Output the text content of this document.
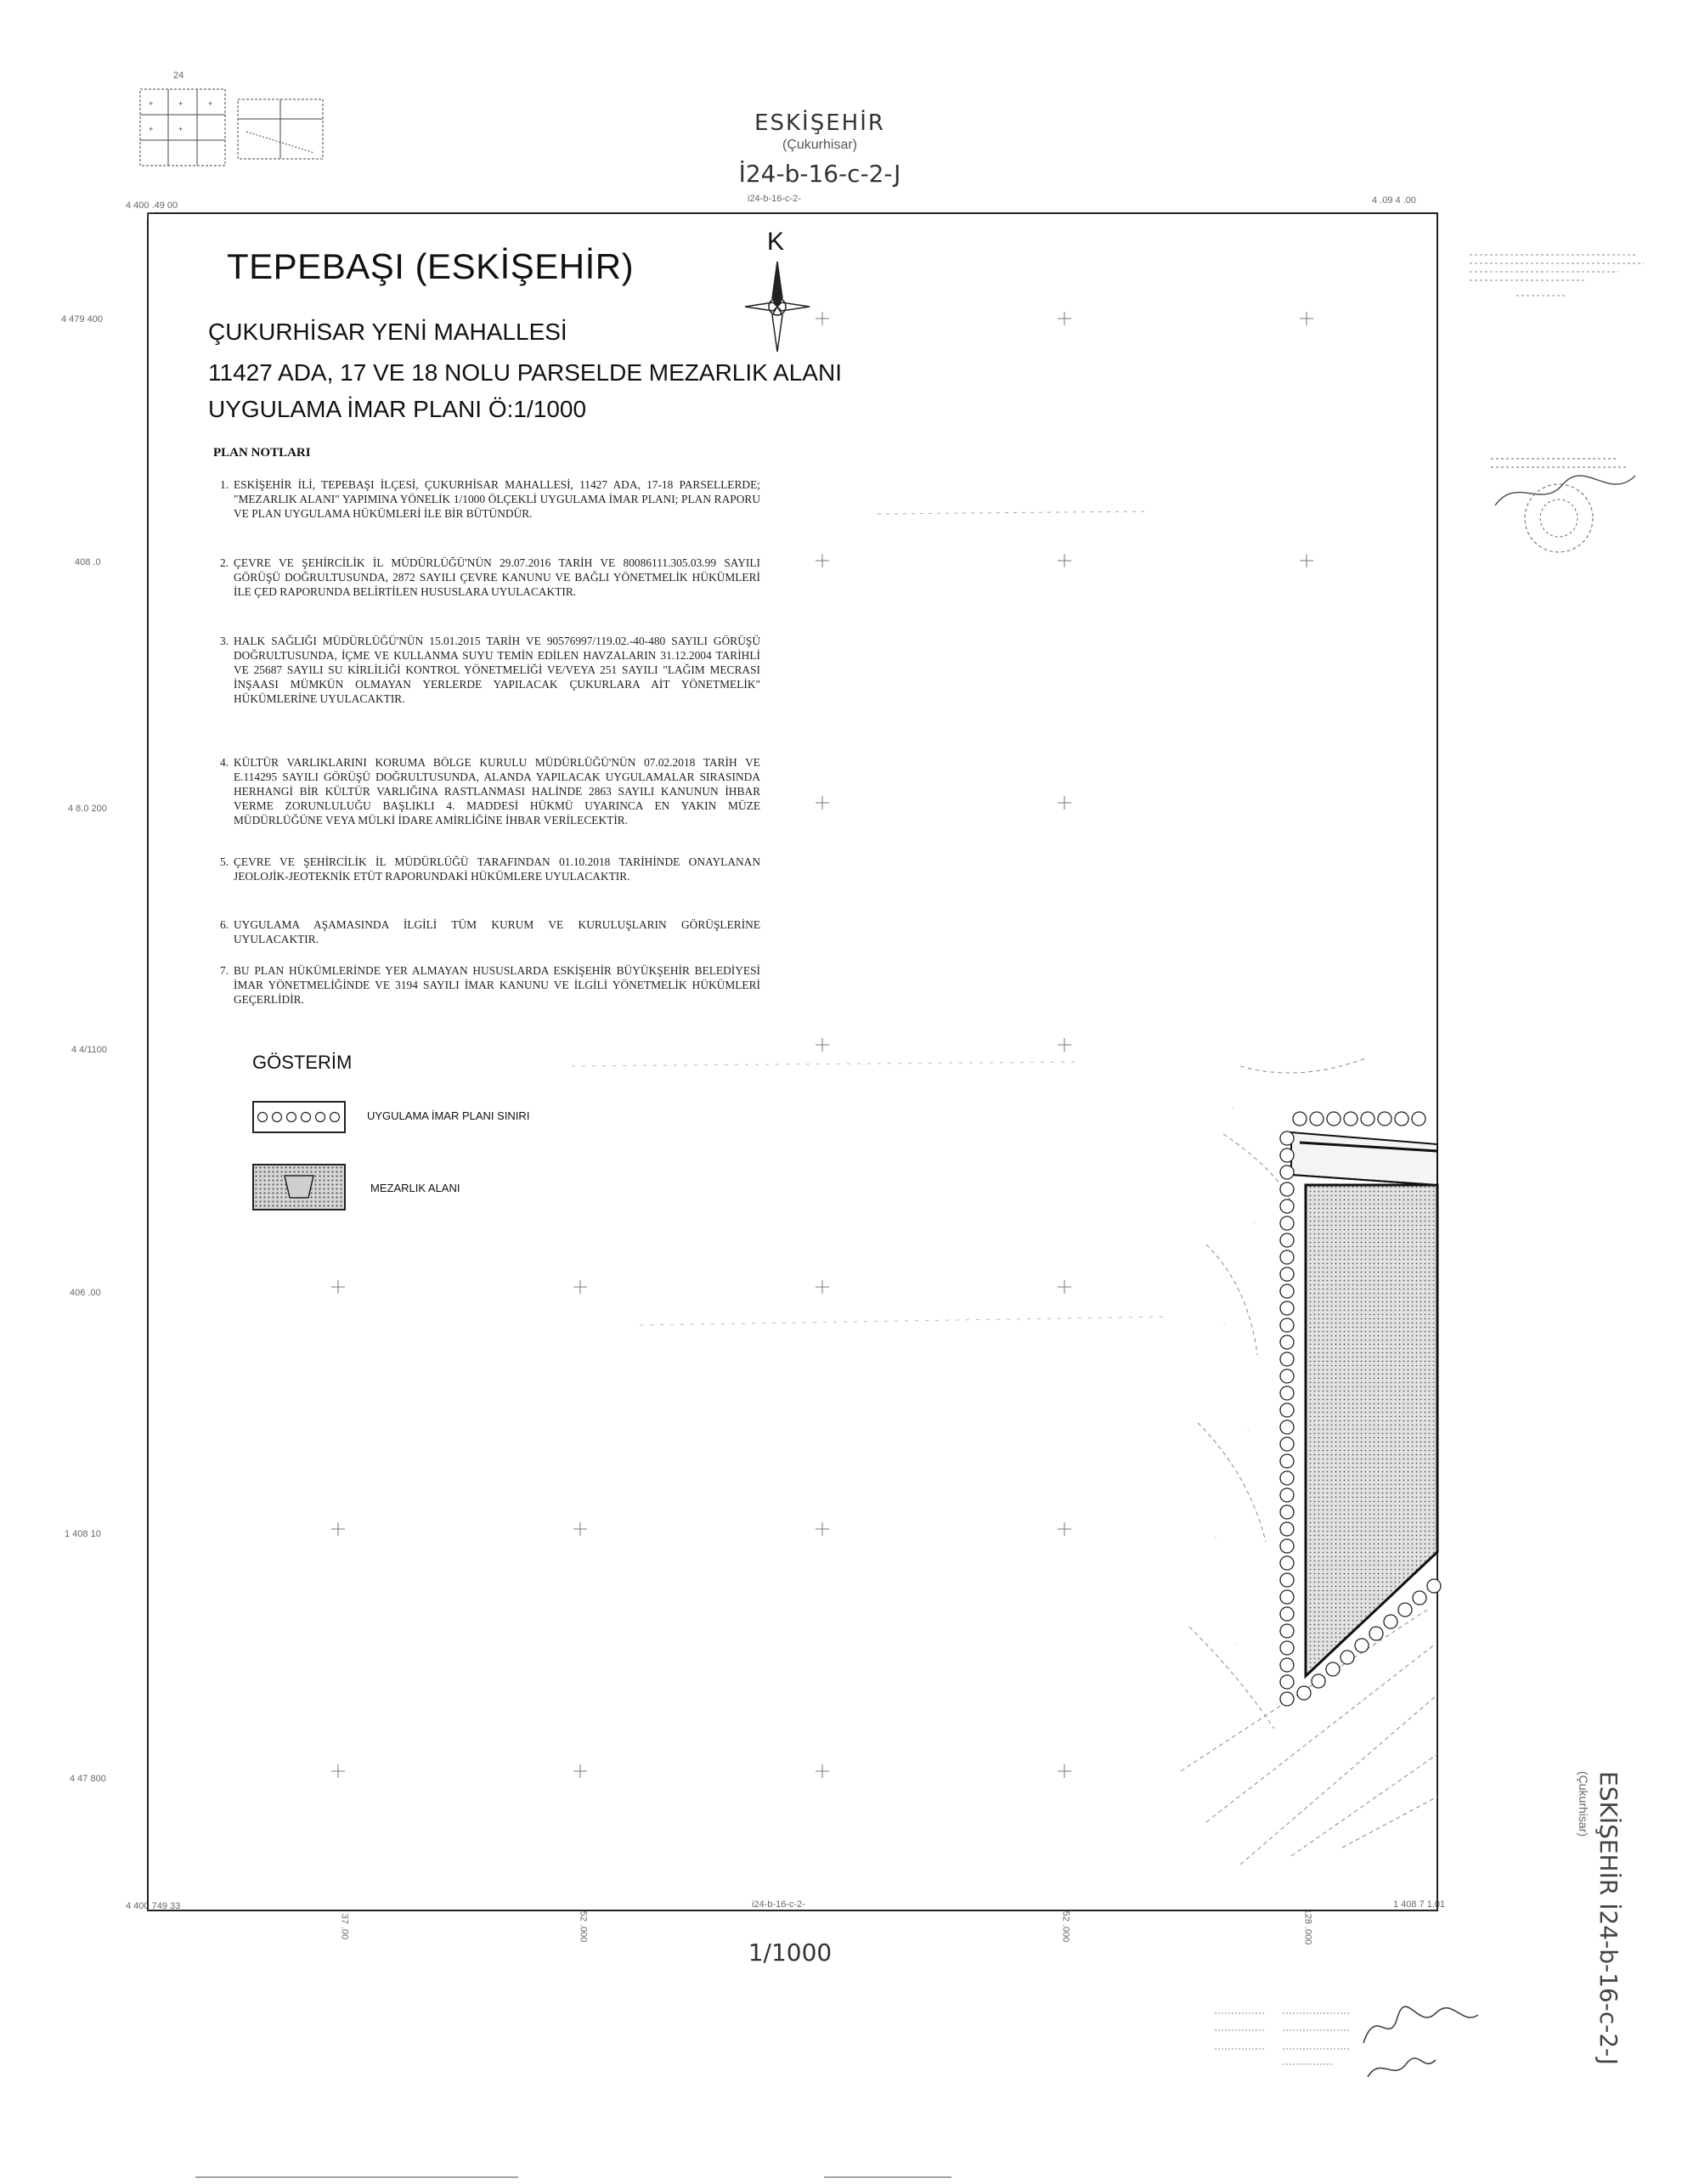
+	+	+
+	+
24
ESKİŞEHİR
(Çukurhisar)
İ24-b-16-c-2-J
i24-b-16-c-2-
4 400 .49 00	4 .09 4 .00
4 479 400
408 .0
4 8.0 200
4 4/1100
406 .00
1 408 10
4 47 800
4 400 749 33	i24-b-16-c-2-	1 408 7 1.01
37 .00	52 .000	52 .000	128 .000
TEPEBAŞI (ESKİŞEHİR)
ÇUKURHİSAR YENİ MAHALLESİ
11427 ADA, 17 VE 18 NOLU PARSELDE MEZARLIK ALANI
UYGULAMA İMAR PLANI Ö:1/1000
K
PLAN NOTLARI
1. ESKİŞEHİR İLİ, TEPEBAŞI İLÇESİ, ÇUKURHİSAR MAHALLESİ, 11427 ADA, 17-18 PARSELLERDE; "MEZARLIK ALANI" YAPIMINA YÖNELİK 1/1000 ÖLÇEKLİ UYGULAMA İMAR PLANI; PLAN RAPORU VE PLAN UYGULAMA HÜKÜMLERİ İLE BİR BÜTÜNDÜR.
2. ÇEVRE VE ŞEHİRCİLİK İL MÜDÜRLÜĞÜ'NÜN 29.07.2016 TARİH VE 80086111.305.03.99 SAYILI GÖRÜŞÜ DOĞRULTUSUNDA, 2872 SAYILI ÇEVRE KANUNU VE BAĞLI YÖNETMELİK HÜKÜMLERİ İLE ÇED RAPORUNDA BELİRTİLEN HUSUSLARA UYULACAKTIR.
3. HALK SAĞLIĞI MÜDÜRLÜĞÜ'NÜN 15.01.2015 TARİH VE 90576997/119.02.-40-480 SAYILI GÖRÜŞÜ DOĞRULTUSUNDA, İÇME VE KULLANMA SUYU TEMİN EDİLEN HAVZALARIN 31.12.2004 TARİHLİ VE 25687 SAYILI SU KİRLİLİĞİ KONTROL YÖNETMELİĞİ VE/VEYA 251 SAYILI "LAĞIM MECRASI İNŞAASI MÜMKÜN OLMAYAN YERLERDE YAPILACAK ÇUKURLARA AİT YÖNETMELİK" HÜKÜMLERİNE UYULACAKTIR.
4. KÜLTÜR VARLIKLARINI KORUMA BÖLGE KURULU MÜDÜRLÜĞÜ'NÜN 07.02.2018 TARİH VE E.114295 SAYILI GÖRÜŞÜ DOĞRULTUSUNDA, ALANDA YAPILACAK UYGULAMALAR SIRASINDA HERHANGİ BİR KÜLTÜR VARLIĞINA RASTLANMASI HALİNDE 2863 SAYILI KANUNUN İHBAR VERME ZORUNLULUĞU BAŞLIKLI 4. MADDESİ HÜKMÜ UYARINCA EN YAKIN MÜZE MÜDÜRLÜĞÜNE VEYA MÜLKİ İDARE AMİRLİĞİNE İHBAR VERİLECEKTİR.
5. ÇEVRE VE ŞEHİRCİLİK İL MÜDÜRLÜĞÜ TARAFINDAN 01.10.2018 TARİHİNDE ONAYLANAN JEOLOJİK-JEOTEKNİK ETÜT RAPORUNDAKİ HÜKÜMLERE UYULACAKTIR.
6. UYGULAMA AŞAMASINDA İLGİLİ TÜM KURUM VE KURULUŞLARIN GÖRÜŞLERİNE UYULACAKTIR.
7. BU PLAN HÜKÜMLERİNDE YER ALMAYAN HUSUSLARDA ESKİŞEHİR BÜYÜKŞEHİR BELEDİYESİ İMAR YÖNETMELİĞİNDE VE 3194 SAYILI İMAR KANUNU VE İLGİLİ YÖNETMELİK HÜKÜMLERİ GEÇERLİDİR.
GÖSTERİM
UYGULAMA İMAR PLANI SINIRI
MEZARLIK ALANI
.
.
.
.
.
.
1/1000	ESKİŞEHİR İ24-b-16-c-2-J
(Çukurhisar)
